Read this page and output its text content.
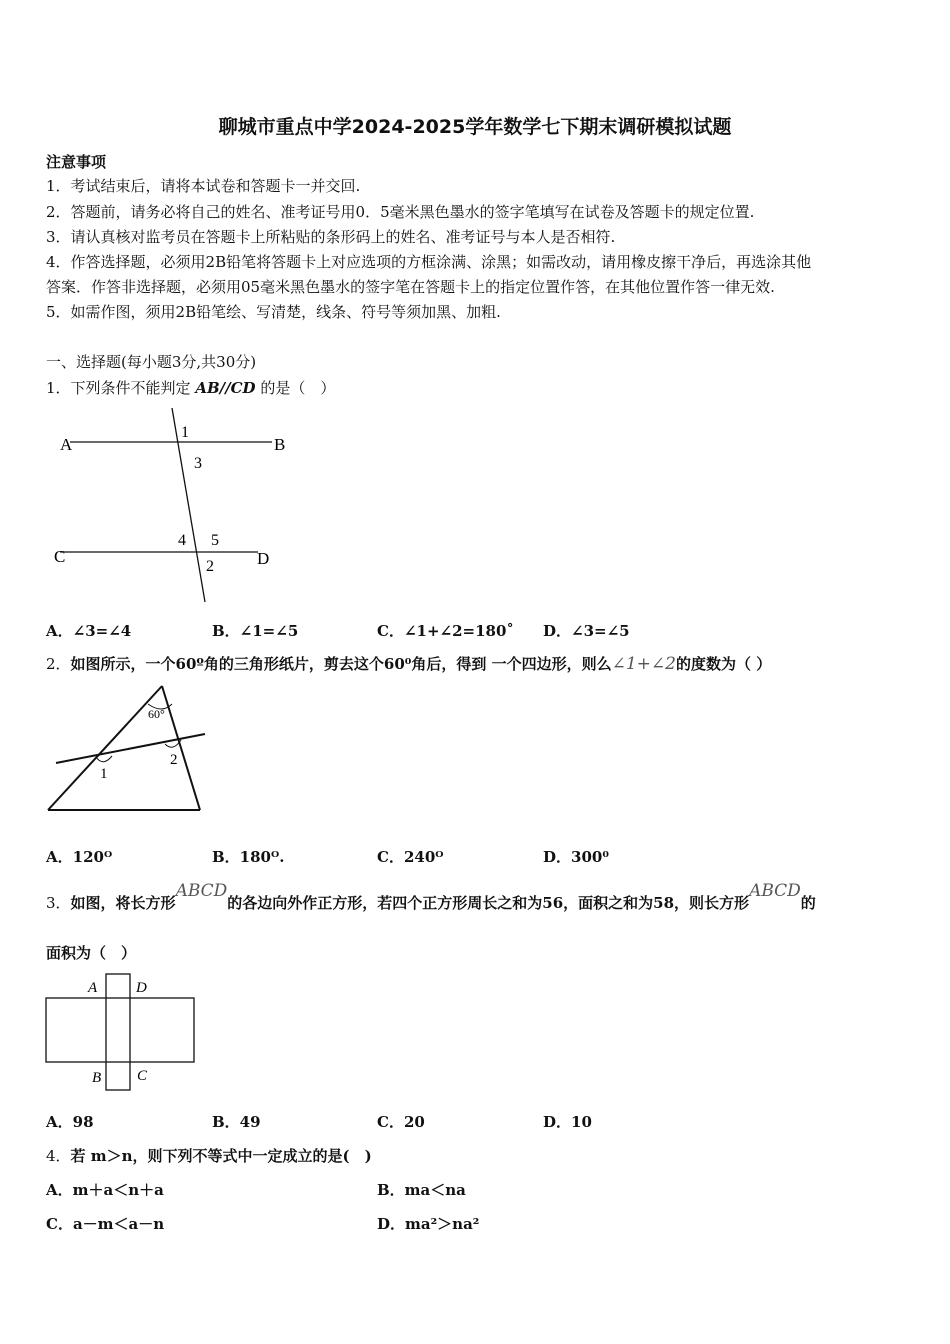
聊城市重点中学2024-2025学年数学七下期末调研模拟试题
注意事项
1．考试结束后，请将本试卷和答题卡一并交回.
2．答题前，请务必将自己的姓名、准考证号用0．5毫米黑色墨水的签字笔填写在试卷及答题卡的规定位置.
3．请认真核对监考员在答题卡上所粘贴的条形码上的姓名、准考证号与本人是否相符.
4．作答选择题，必须用2B铅笔将答题卡上对应选项的方框涂满、涂黑；如需改动，请用橡皮擦干净后，再选涂其他
答案．作答非选择题，必须用05毫米黑色墨水的签字笔在答题卡上的指定位置作答，在其他位置作答一律无效.
5．如需作图，须用2B铅笔绘、写清楚，线条、符号等须加黑、加粗.
一、选择题(每小题3分,共30分)
1．下列条件不能判定 AB//CD 的是（　）
A	B
C	D
1
3
4 5
2
A．∠3=∠4	B．∠1=∠5	C．∠1+∠2=180˚ D．∠3=∠5
2．如图所示，一个60º角的三角形纸片，剪去这个60⁰角后，得到 一个四边形，则么∠1+∠2的度数为（ ）
60°
1
2
A．120ᴼ	B．180ᴼ.	C．240ᴼ	D．300⁰
3．如图，将长方形ABCD的各边向外作正方形，若四个正方形周长之和为56，面积之和为58，则长方形ABCD的
面积为（　）
A	D
B C
A．98	B．49	C．20	D．10
4．若 m＞n，则下列不等式中一定成立的是(　)
A．m＋a＜n＋a	B．ma＜na
C．a－m＜a－n	D．ma²＞na²
